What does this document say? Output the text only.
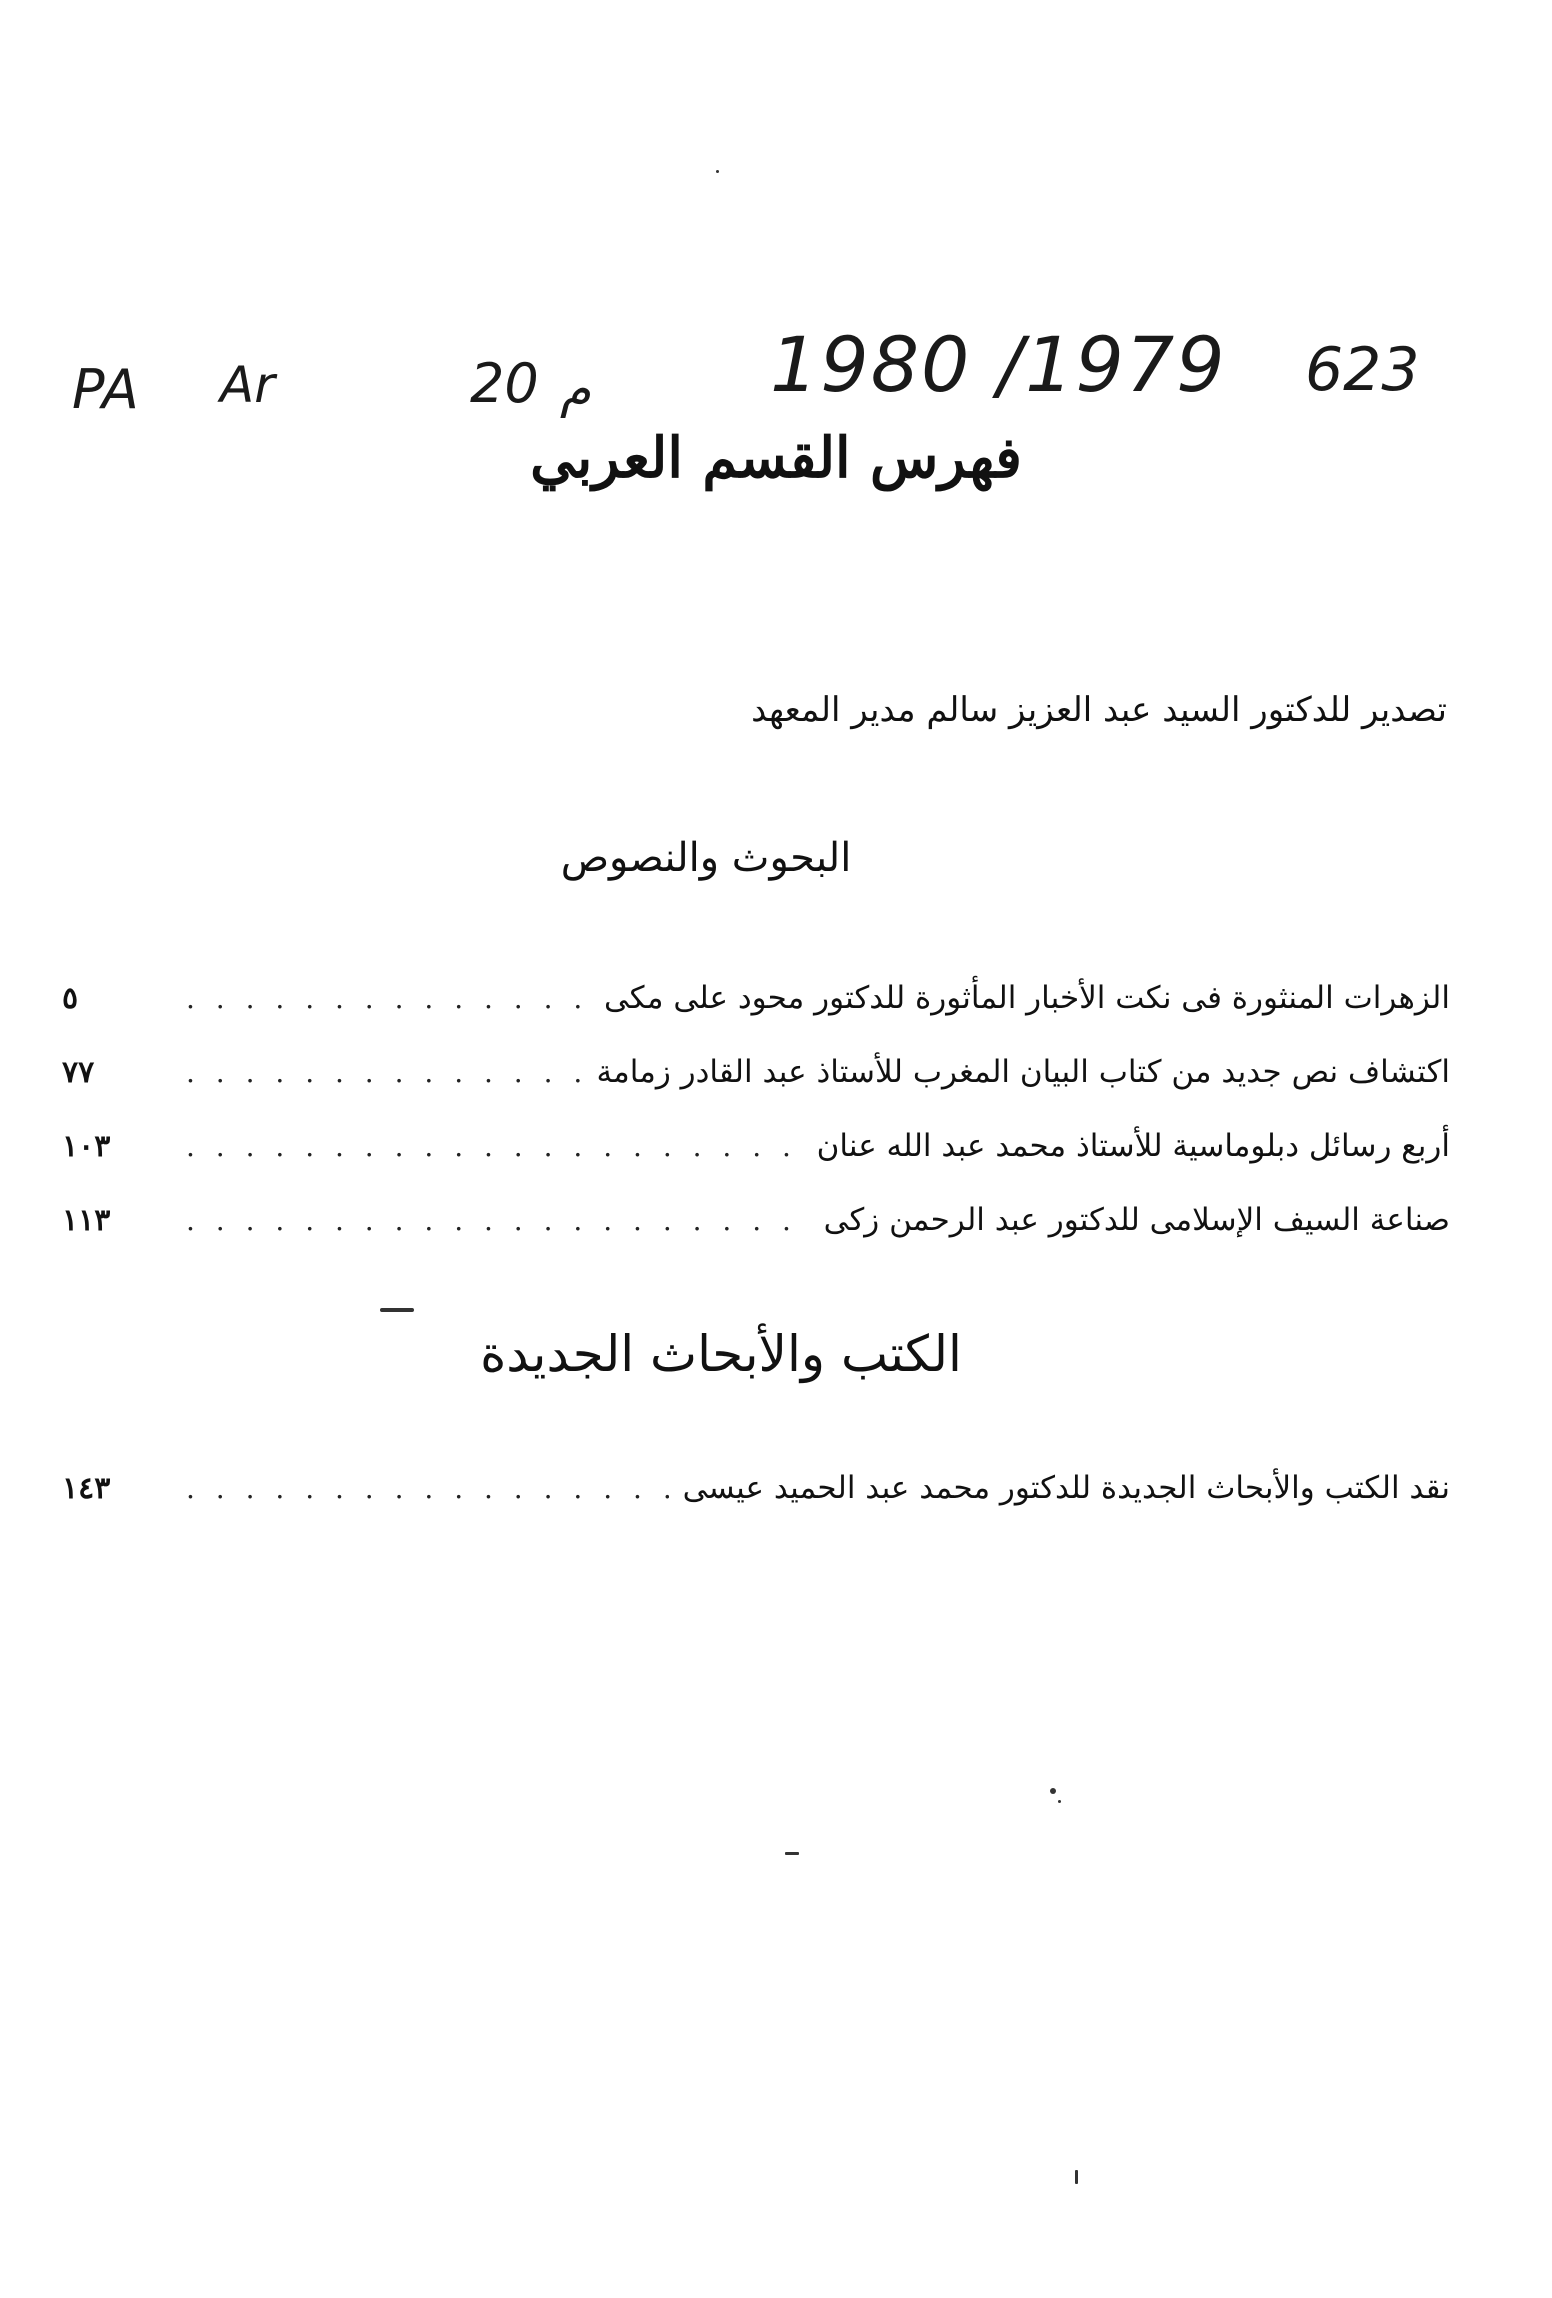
PA Ar	20 م 1980 /1979 623
فهرس القسم العربي
تصدير للدكتور السيد عبد العزيز سالم مدير المعهد
البحوث والنصوص
الزهرات المنثورة فى نكت الأخبار المأثورة للدكتور محود على مكى
. . .
٥
اكتشاف نص جديد من كتاب البيان المغرب للأستاذ عبد القادر زمامة
. . .
٧٧
أربع رسائل دبلوماسية للأستاذ محمد عبد الله عنان
. . .
١٠٣
صناعة السيف الإسلامى للدكتور عبد الرحمن زكى
. . .
١١٣
الكتب والأبحاث الجديدة
نقد الكتب والأبحاث الجديدة للدكتور محمد عبد الحميد عيسى
. . .
١٤٣
